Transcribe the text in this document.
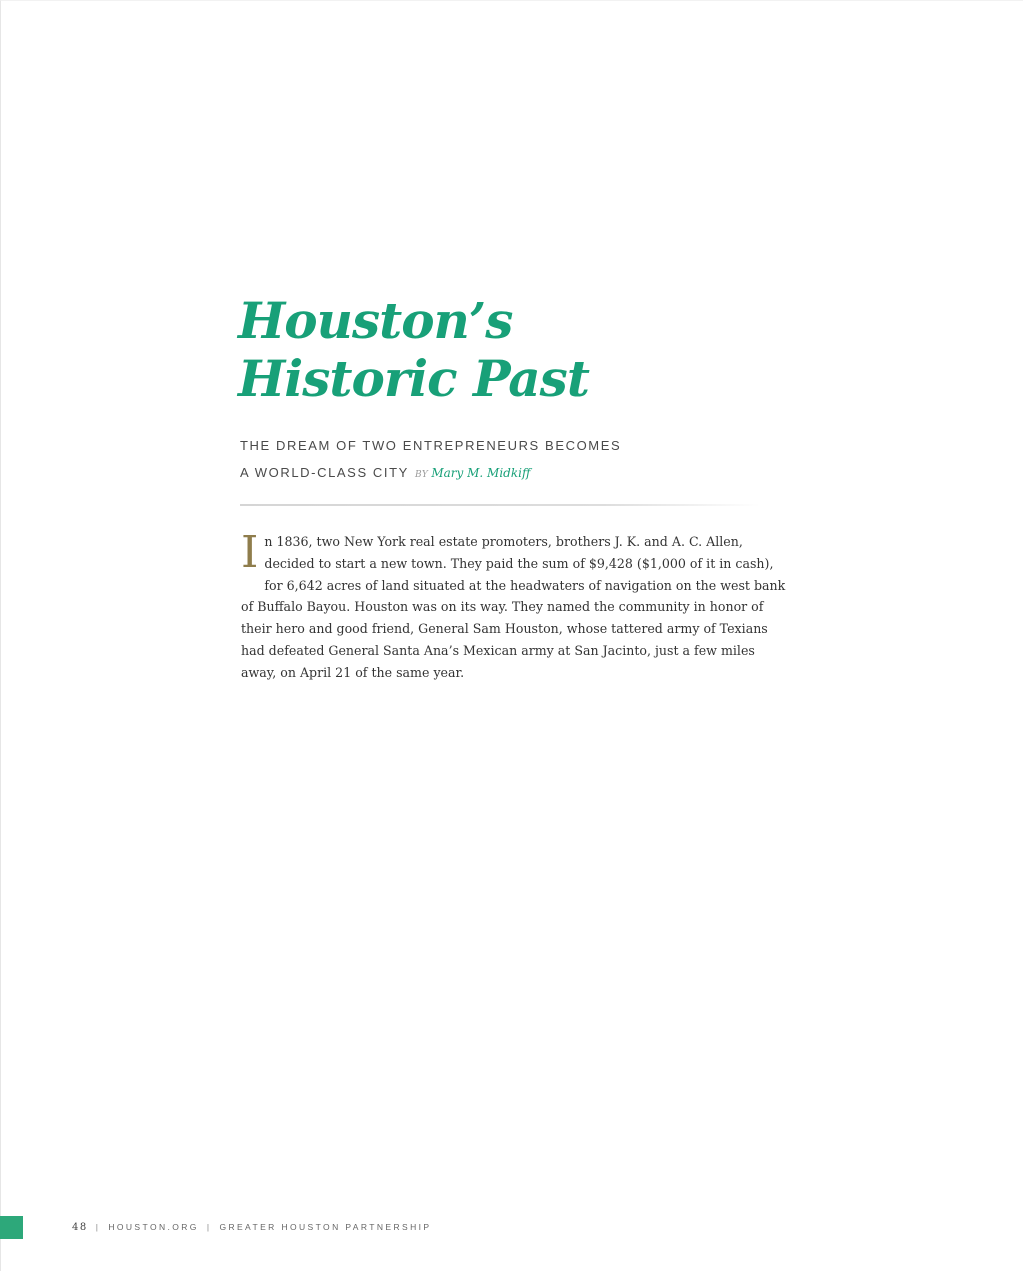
Houston’s
Historic Past
THE DREAM OF TWO ENTREPRENEURS BECOMES
A WORLD-CLASS CITY BY Mary M. Midkiff

In 1836, two New York real estate promoters, brothers J. K. and A. C. Allen, decided to start a new town. They paid the sum of $9,428 ($1,000 of it in cash), for 6,642 acres of land situated at the headwaters of navigation on the west bank of Buffalo Bayou. Houston was on its way. They named the community in honor of their hero and good friend, General Sam Houston, whose tattered army of Texians had defeated General Santa Ana’s Mexican army at San Jacinto, just a few miles away, on April 21 of the same year.

48 | HOUSTON.ORG | GREATER HOUSTON PARTNERSHIP
